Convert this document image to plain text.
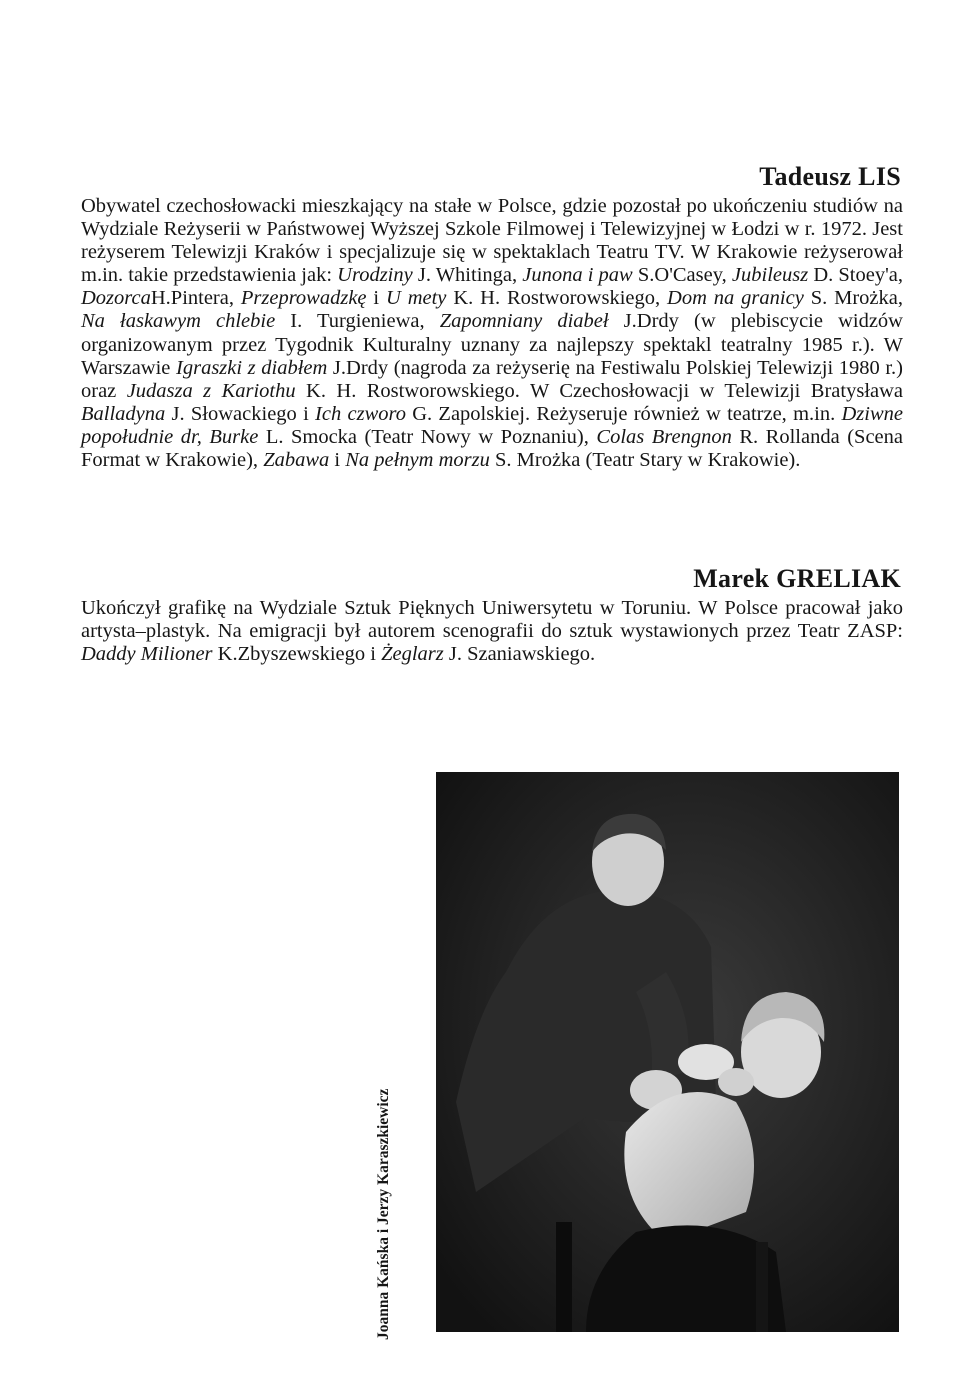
Tadeusz LIS
Obywatel czechosłowacki mieszkający na stałe w Polsce, gdzie pozostał po ukończeniu studiów na Wydziale Reżyserii w Państwowej Wyższej Szkole Filmowej i Telewizyjnej w Łodzi w r. 1972. Jest reżyserem Telewizji Kraków i specjalizuje się w spektaklach Teatru TV. W Krakowie reżyserował m.in. takie przedstawienia jak: Urodziny J. Whitinga, Junona i paw S.O'Casey, Jubileusz D. Stoey'a, DozorcaH.Pintera, Przeprowadzkę i U mety K. H. Rostworowskiego, Dom na granicy S. Mrożka, Na łaskawym chlebie I. Turgieniewa, Zapomniany diabeł J.Drdy (w plebiscycie widzów organizowanym przez Tygodnik Kulturalny uznany za najlepszy spektakl teatralny 1985 r.). W Warszawie Igraszki z diabłem J.Drdy (nagroda za reżyserię na Festiwalu Polskiej Telewizji 1980 r.) oraz Judasza z Kariothu K. H. Rostworowskiego. W Czechosłowacji w Telewizji Bratysława Balladyna J. Słowackiego i Ich czworo G. Zapolskiej. Reżyseruje również w teatrze, m.in. Dziwne popołudnie dr, Burke L. Smocka (Teatr Nowy w Poznaniu), Colas Brengnon R. Rollanda (Scena Format w Krakowie), Zabawa i Na pełnym morzu S. Mrożka (Teatr Stary w Krakowie).
Marek GRELIAK
Ukończył grafikę na Wydziale Sztuk Pięknych Uniwersytetu w Toruniu. W Polsce pracował jako artysta–plastyk. Na emigracji był autorem scenografii do sztuk wystawionych przez Teatr ZASP: Daddy Milioner K.Zbyszewskiego i Żeglarz J. Szaniawskiego.
Joanna Kańska i Jerzy Karaszkiewicz
